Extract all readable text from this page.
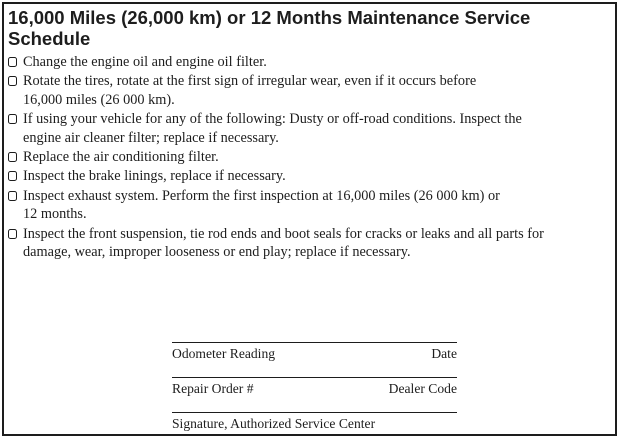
16,000 Miles (26,000 km) or 12 Months Maintenance Service
Schedule
Change the engine oil and engine oil filter.
Rotate the tires, rotate at the first sign of irregular wear, even if it occurs before
16,000 miles (26 000 km).
If using your vehicle for any of the following: Dusty or off-road conditions. Inspect the
engine air cleaner filter; replace if necessary.
Replace the air conditioning filter.
Inspect the brake linings, replace if necessary.
Inspect exhaust system. Perform the first inspection at 16,000 miles (26 000 km) or
12 months.
Inspect the front suspension, tie rod ends and boot seals for cracks or leaks and all parts for
damage, wear, improper looseness or end play; replace if necessary.
Odometer Reading	Date
Repair Order #	Dealer Code
Signature, Authorized Service Center
